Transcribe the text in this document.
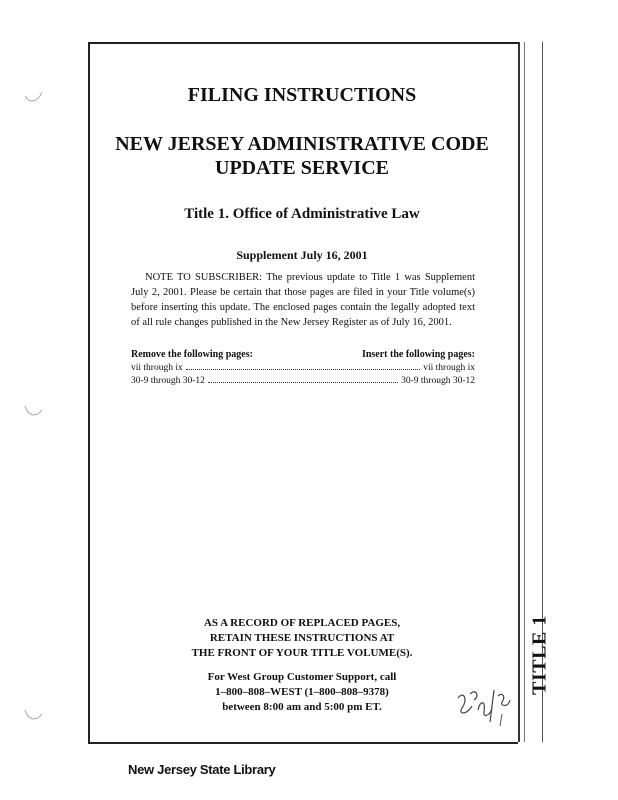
TITLE 1
FILING INSTRUCTIONS
NEW JERSEY ADMINISTRATIVE CODE
UPDATE SERVICE
Title 1. Office of Administrative Law
Supplement July 16, 2001

NOTE TO SUBSCRIBER: The previous update to Title 1 was Supplement July 2, 2001. Please be certain that those pages are filed in your Title volume(s) before inserting this update. The enclosed pages contain the legally adopted text of all rule changes published in the New Jersey Register as of July 16, 2001.

Remove the following pages:	Insert the following pages:
vii through ix	vii through ix
30-9 through 30-12	30-9 through 30-12
AS A RECORD OF REPLACED PAGES,
RETAIN THESE INSTRUCTIONS AT
THE FRONT OF YOUR TITLE VOLUME(S).
For West Group Customer Support, call
1–800–808–WEST (1–800–808–9378)
between 8:00 am and 5:00 pm ET.
New Jersey State Library
